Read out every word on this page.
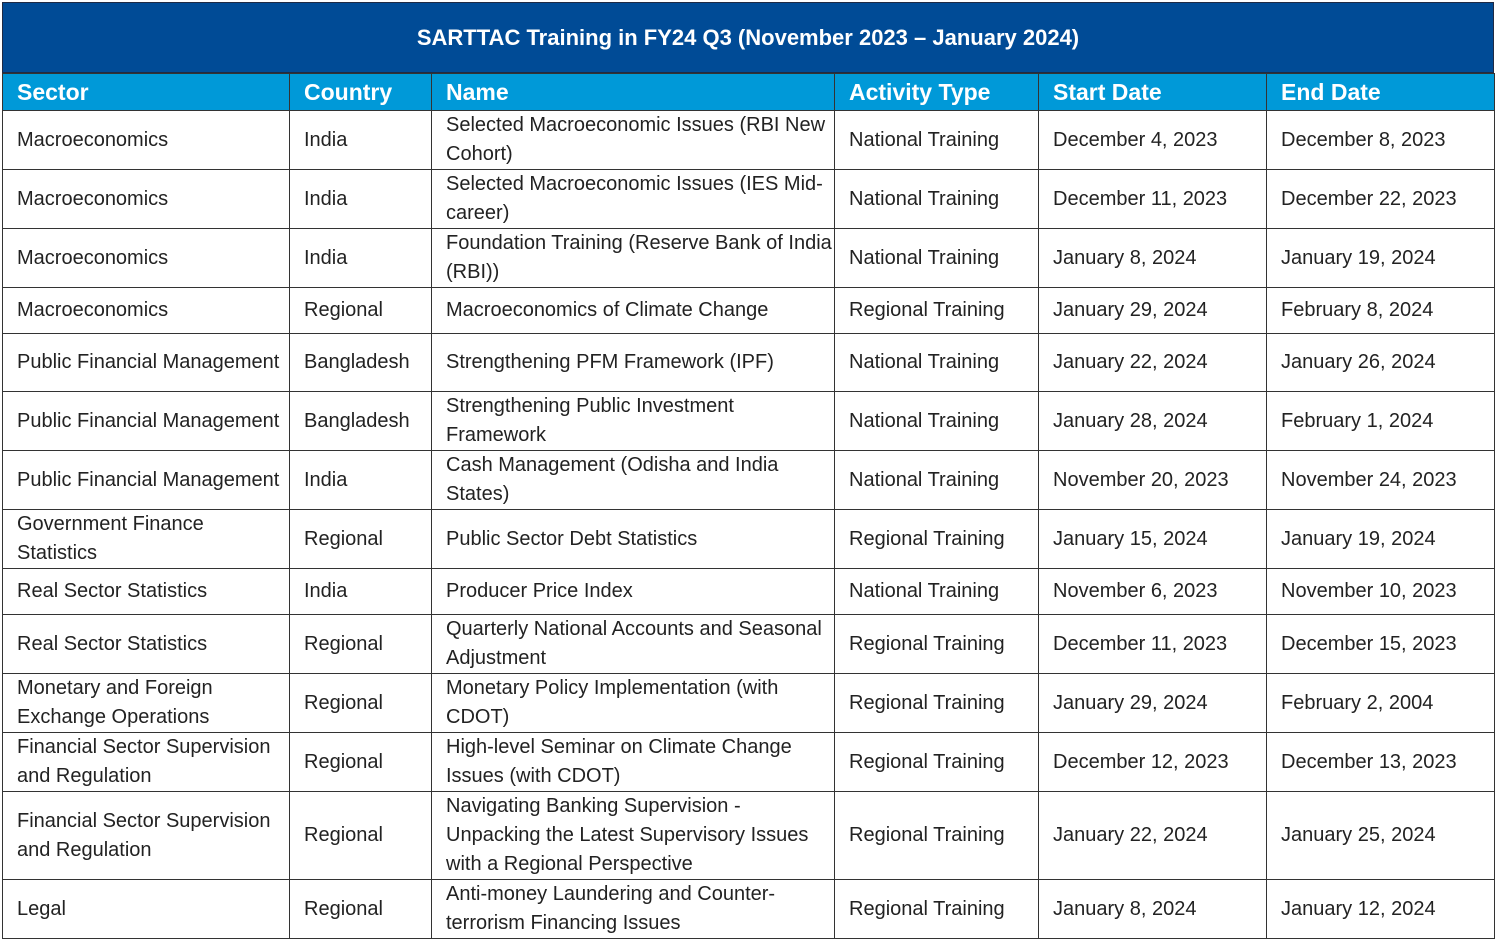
SARTTAC Training in FY24 Q3 (November 2023 – January 2024)
Sector	Country	Name	Activity Type	Start Date	End Date
Macroeconomics	India	Selected Macroeconomic Issues (RBI New Cohort)	National Training	December 4, 2023	December 8, 2023
Macroeconomics	India	Selected Macroeconomic Issues (IES Mid-career)	National Training	December 11, 2023	December 22, 2023
Macroeconomics	India	Foundation Training (Reserve Bank of India (RBI))	National Training	January 8, 2024	January 19, 2024
Macroeconomics	Regional	Macroeconomics of Climate Change	Regional Training	January 29, 2024	February 8, 2024
Public Financial Management	Bangladesh	Strengthening PFM Framework (IPF)	National Training	January 22, 2024	January 26, 2024
Public Financial Management	Bangladesh	Strengthening Public Investment Framework	National Training	January 28, 2024	February 1, 2024
Public Financial Management	India	Cash Management (Odisha and India States)	National Training	November 20, 2023	November 24, 2023
Government Finance Statistics	Regional	Public Sector Debt Statistics	Regional Training	January 15, 2024	January 19, 2024
Real Sector Statistics	India	Producer Price Index	National Training	November 6, 2023	November 10, 2023
Real Sector Statistics	Regional	Quarterly National Accounts and Seasonal Adjustment	Regional Training	December 11, 2023	December 15, 2023
Monetary and Foreign Exchange Operations	Regional	Monetary Policy Implementation (with CDOT)	Regional Training	January 29, 2024	February 2, 2004
Financial Sector Supervision and Regulation	Regional	High-level Seminar on Climate Change Issues (with CDOT)	Regional Training	December 12, 2023	December 13, 2023
Financial Sector Supervision and Regulation	Regional	Navigating Banking Supervision - Unpacking the Latest Supervisory Issues with a Regional Perspective	Regional Training	January 22, 2024	January 25, 2024
Legal	Regional	Anti-money Laundering and Counter-terrorism Financing Issues	Regional Training	January 8, 2024	January 12, 2024
